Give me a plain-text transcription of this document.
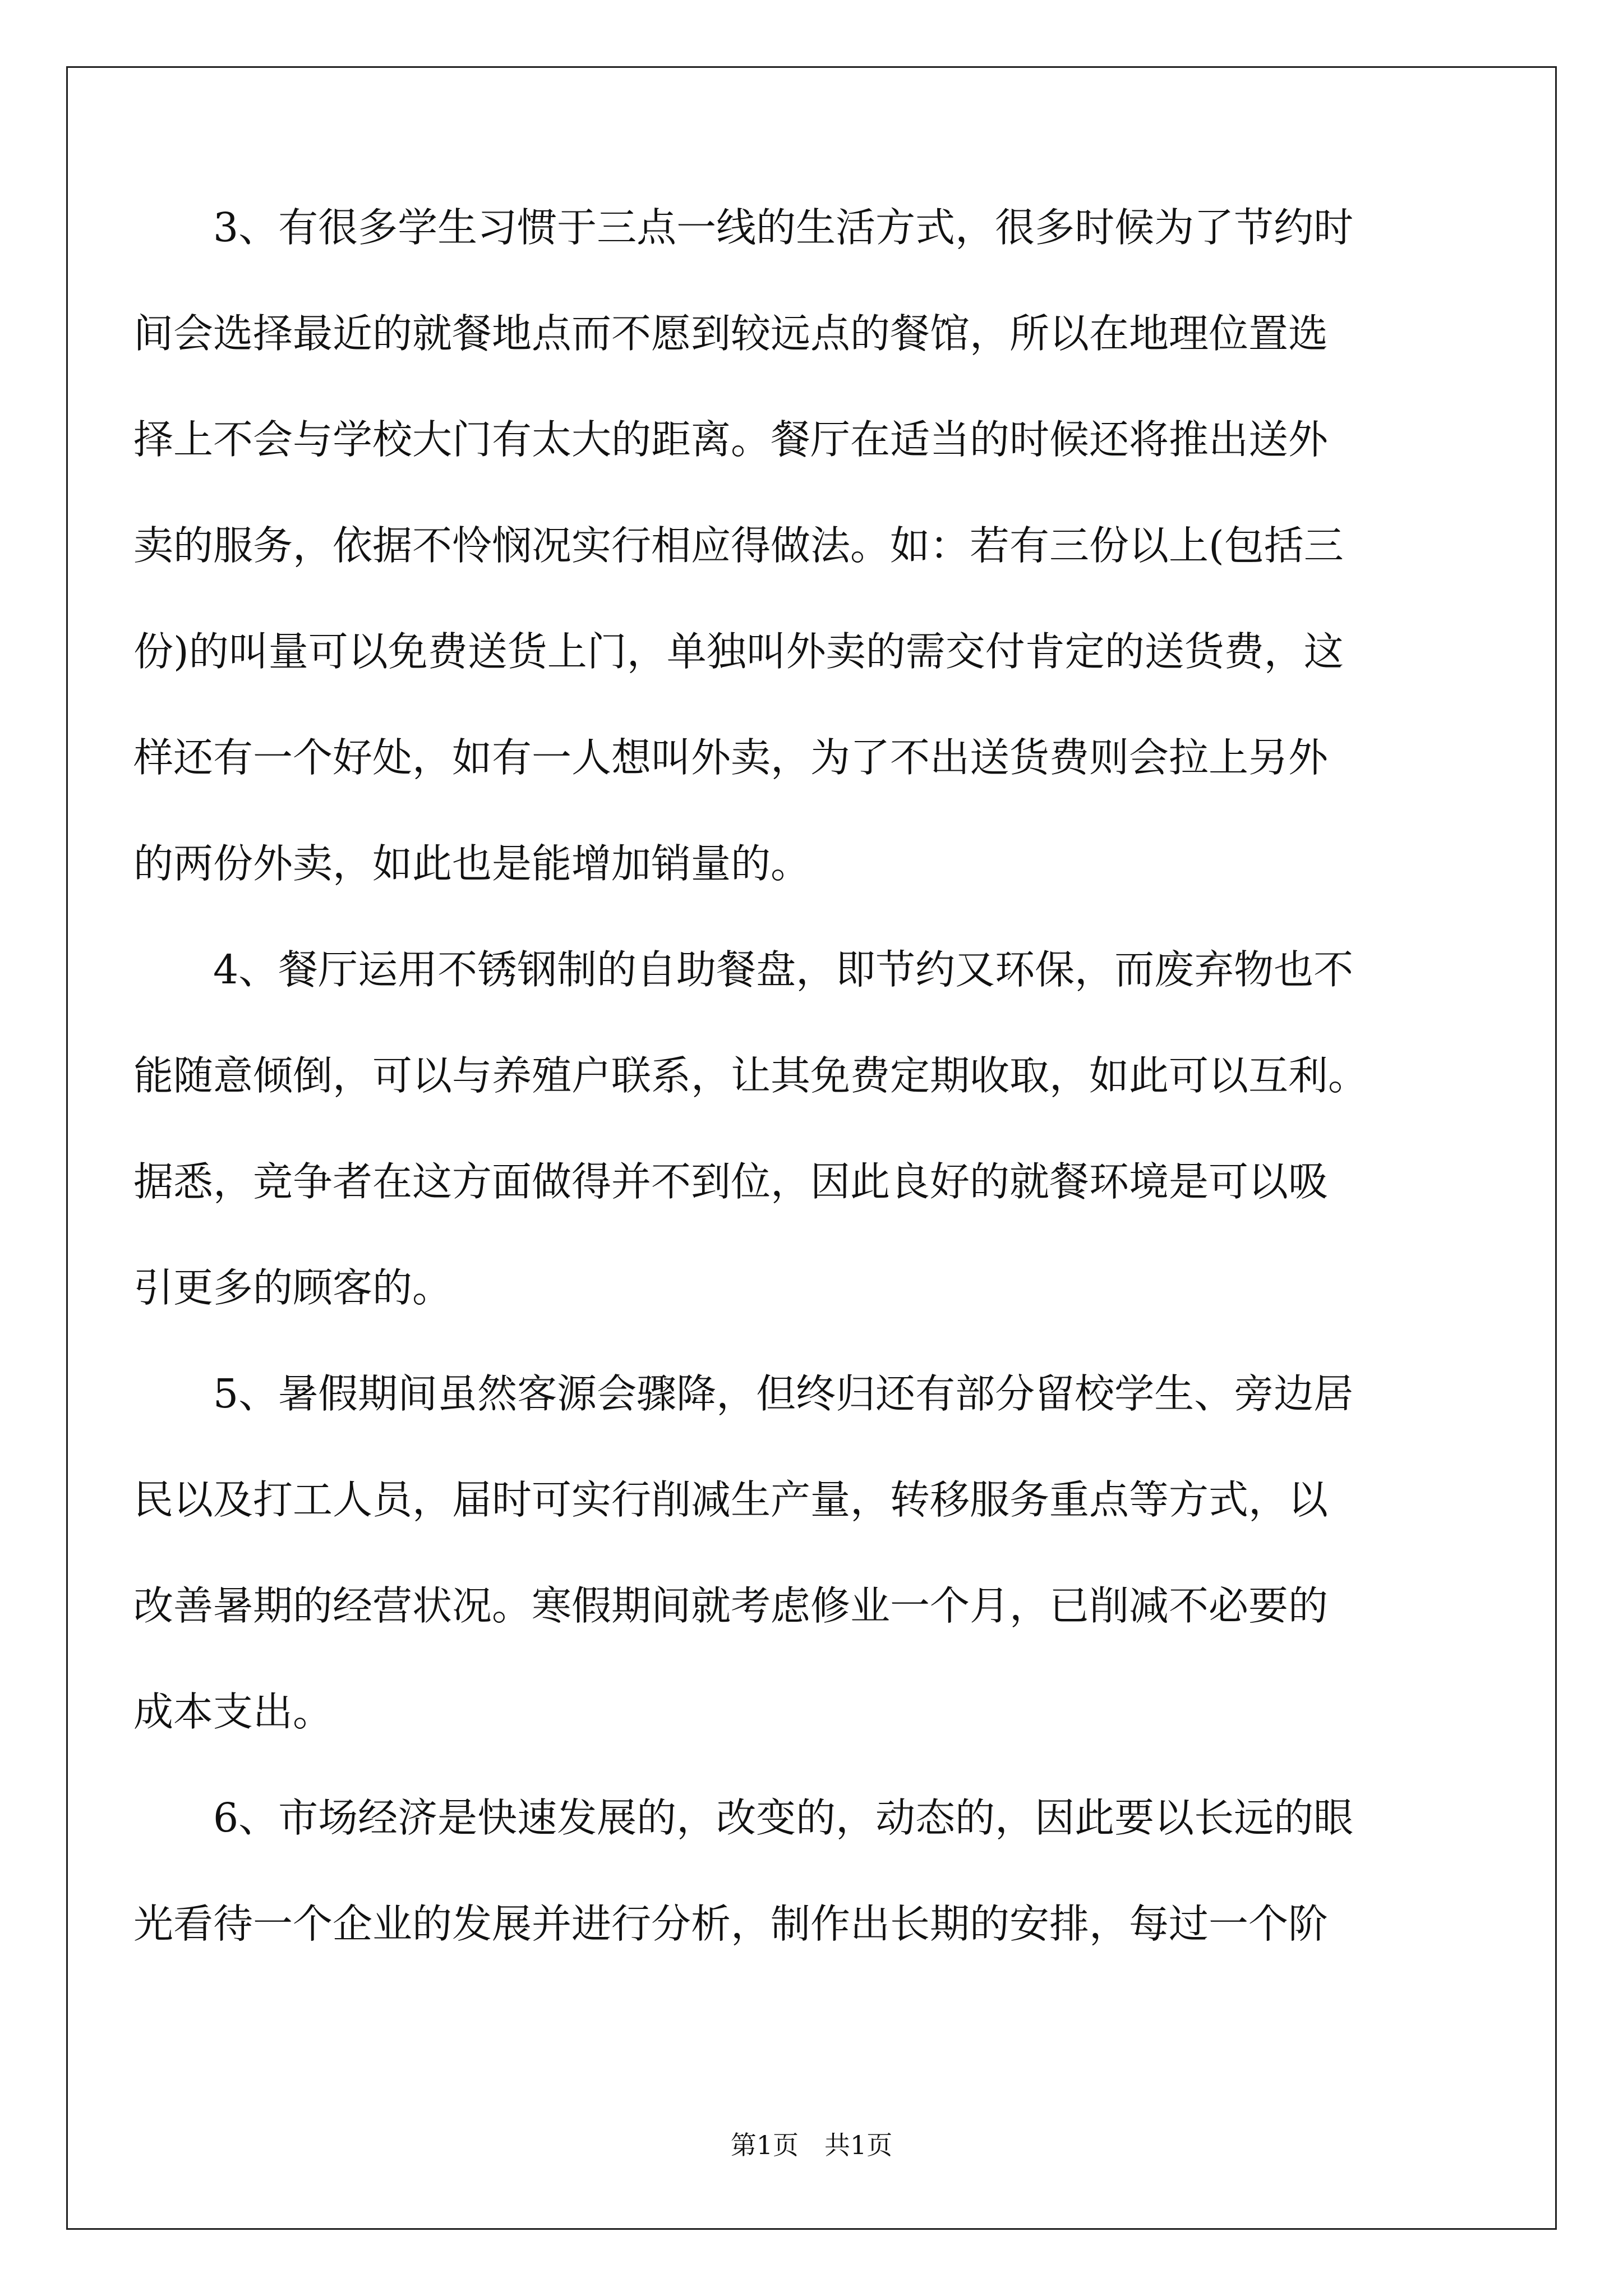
3、有很多学生习惯于三点一线的生活方式，很多时候为了节约时
间会选择最近的就餐地点而不愿到较远点的餐馆，所以在地理位置选
择上不会与学校大门有太大的距离。餐厅在适当的时候还将推出送外
卖的服务，依据不怜悯况实行相应得做法。如：若有三份以上(包括三
份)的叫量可以免费送货上门，单独叫外卖的需交付肯定的送货费，这
样还有一个好处，如有一人想叫外卖，为了不出送货费则会拉上另外
的两份外卖，如此也是能增加销量的。
4、餐厅运用不锈钢制的自助餐盘，即节约又环保，而废弃物也不
能随意倾倒，可以与养殖户联系，让其免费定期收取，如此可以互利。
据悉，竞争者在这方面做得并不到位，因此良好的就餐环境是可以吸
引更多的顾客的。
5、暑假期间虽然客源会骤降，但终归还有部分留校学生、旁边居
民以及打工人员，届时可实行削减生产量，转移服务重点等方式，以
改善暑期的经营状况。寒假期间就考虑修业一个月，已削减不必要的
成本支出。
6、市场经济是快速发展的，改变的，动态的，因此要以长远的眼
光看待一个企业的发展并进行分析，制作出长期的安排，每过一个阶
第1页　共1页
